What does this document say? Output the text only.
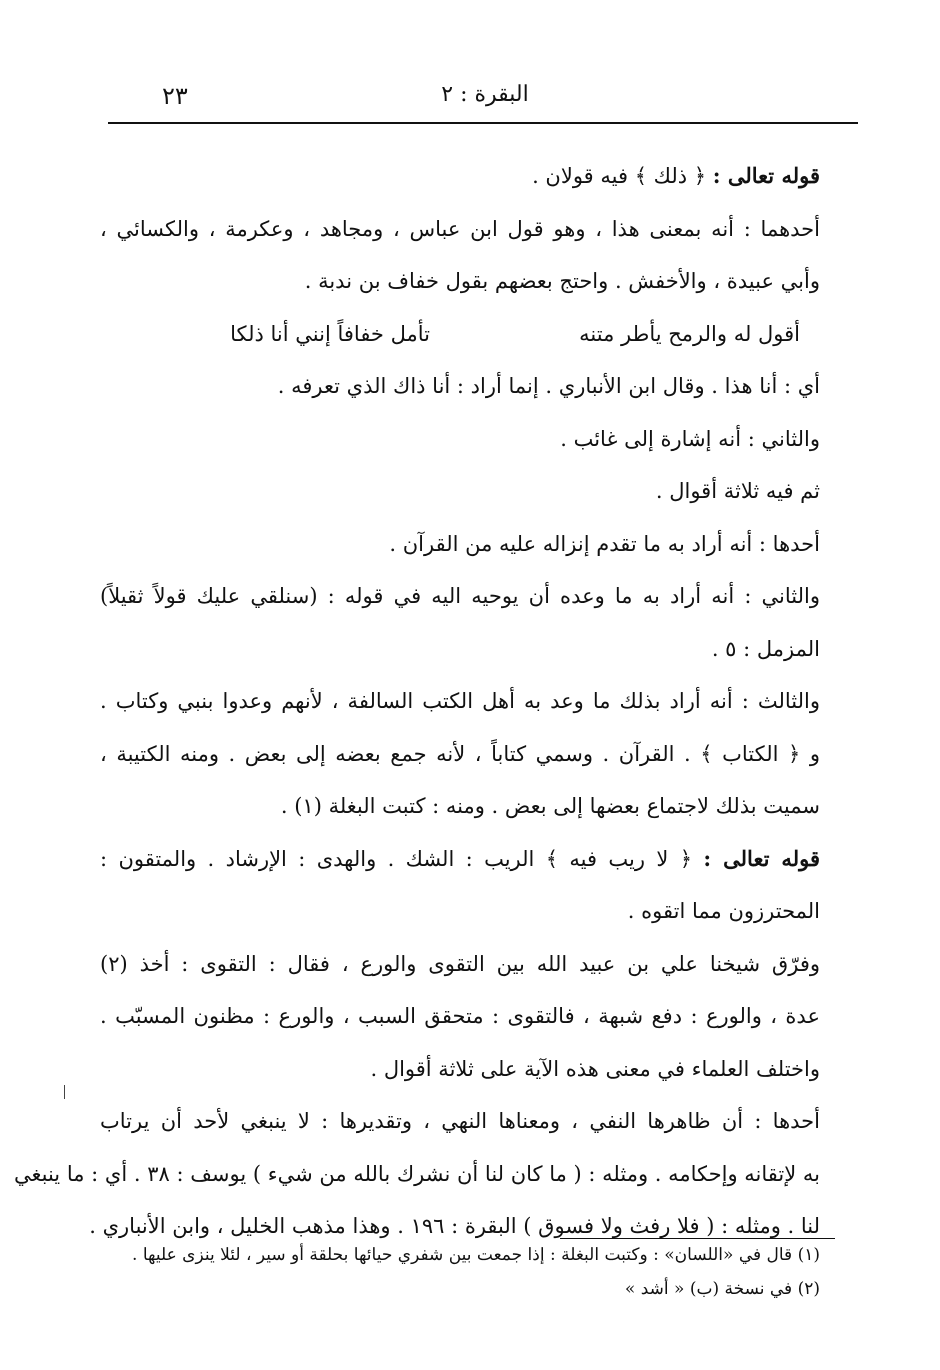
٢٣	البقرة : ٢
قوله تعالى : ﴿ ذلك ﴾ فيه قولان .
أحدهما : أنه بمعنى هذا ، وهو قول ابن عباس ، ومجاهد ، وعكرمة ، والكسائي ،
وأبي عبيدة ، والأخفش . واحتج بعضهم بقول خفاف بن ندبة .
أقول له والرمح يأطر متنه
تأمل خفافاً إنني أنا ذلكا
أي : أنا هذا . وقال ابن الأنباري . إنما أراد : أنا ذاك الذي تعرفه .
والثاني : أنه إشارة إلى غائب .
ثم فيه ثلاثة أقوال .
أحدها : أنه أراد به ما تقدم إنزاله عليه من القرآن .
والثاني : أنه أراد به ما وعده أن يوحيه اليه في قوله : (سنلقي عليك قولاً ثقيلاً)
المزمل : ٥ .
والثالث : أنه أراد بذلك ما وعد به أهل الكتب السالفة ، لأنهم وعدوا بنبي وكتاب .
و ﴿ الكتاب ﴾ . القرآن . وسمي كتاباً ، لأنه جمع بعضه إلى بعض . ومنه الكتيبة ،
سميت بذلك لاجتماع بعضها إلى بعض . ومنه : كتبت البغلة (١) .
قوله تعالى : ﴿ لا ريب فيه ﴾ الريب : الشك . والهدى : الإرشاد . والمتقون :
المحترزون مما اتقوه .
وفرّق شيخنا علي بن عبيد الله بين التقوى والورع ، فقال : التقوى : أخذ (٢)
عدة ، والورع : دفع شبهة ، فالتقوى : متحقق السبب ، والورع : مظنون المسبّب .
واختلف العلماء في معنى هذه الآية على ثلاثة أقوال .
أحدها : أن ظاهرها النفي ، ومعناها النهي ، وتقديرها : لا ينبغي لأحد أن يرتاب
به لإتقانه وإحكامه . ومثله : ( ما كان لنا أن نشرك بالله من شيء ) يوسف : ٣٨ . أي : ما ينبغي
لنا . ومثله : ( فلا رفث ولا فسوق ) البقرة : ١٩٦ . وهذا مذهب الخليل ، وابن الأنباري .
(١) قال في «اللسان» : وكتبت البغلة : إذا جمعت بين شفري حيائها بحلقة أو سير ، لئلا ينزى عليها .
(٢) في نسخة (ب) « أشد »
